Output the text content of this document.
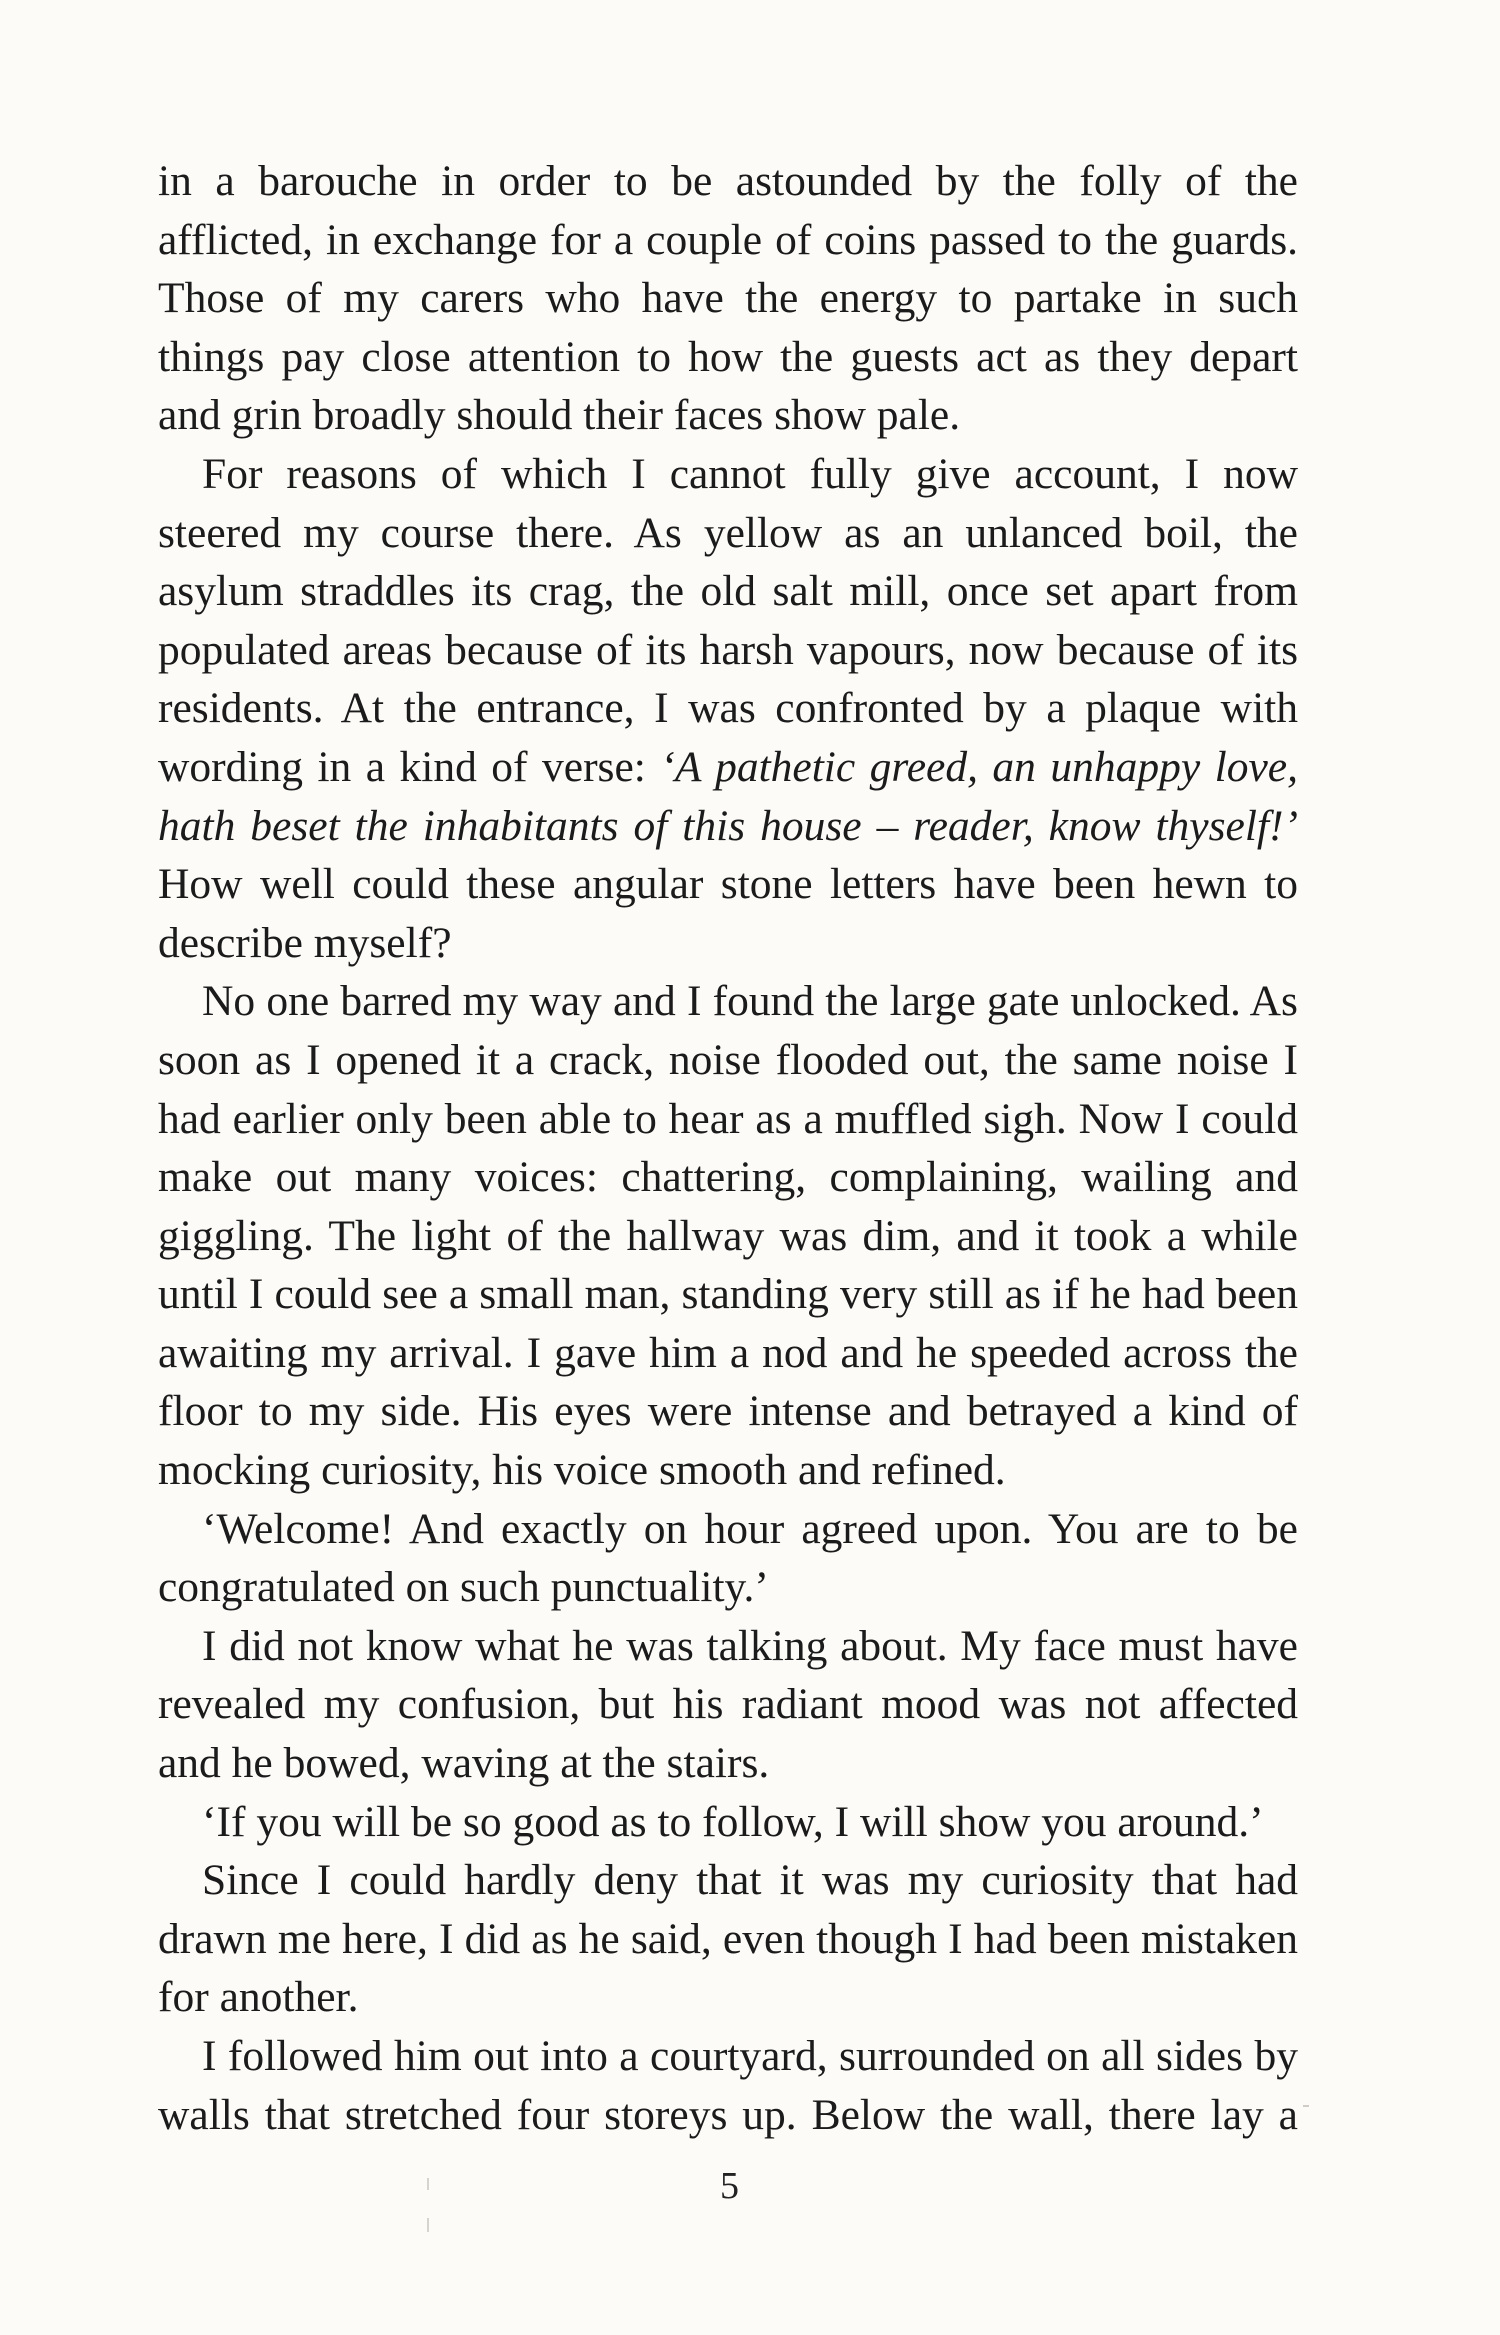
in a barouche in order to be astounded by the folly of the afflicted, in exchange for a couple of coins passed to the guards. Those of my carers who have the energy to partake in such things pay close attention to how the guests act as they depart and grin broadly should their faces show pale.

For reasons of which I cannot fully give account, I now steered my course there. As yellow as an unlanced boil, the asylum straddles its crag, the old salt mill, once set apart from populated areas because of its harsh vapours, now because of its residents. At the entrance, I was confronted by a plaque with wording in a kind of verse: ‘A pathetic greed, an unhappy love, hath beset the inhabitants of this house – reader, know thyself!’ How well could these angular stone letters have been hewn to describe myself?

No one barred my way and I found the large gate unlocked. As soon as I opened it a crack, noise flooded out, the same noise I had earlier only been able to hear as a muffled sigh. Now I could make out many voices: chattering, complaining, wailing and giggling. The light of the hallway was dim, and it took a while until I could see a small man, standing very still as if he had been awaiting my arrival. I gave him a nod and he speeded across the floor to my side. His eyes were intense and betrayed a kind of mocking curiosity, his voice smooth and refined.

‘Welcome! And exactly on hour agreed upon. You are to be congratulated on such punctuality.’

I did not know what he was talking about. My face must have revealed my confusion, but his radiant mood was not affected and he bowed, waving at the stairs.

‘If you will be so good as to follow, I will show you around.’

Since I could hardly deny that it was my curiosity that had drawn me here, I did as he said, even though I had been mistaken for another.

I followed him out into a courtyard, surrounded on all sides by walls that stretched four storeys up. Below the wall, there lay a

5
